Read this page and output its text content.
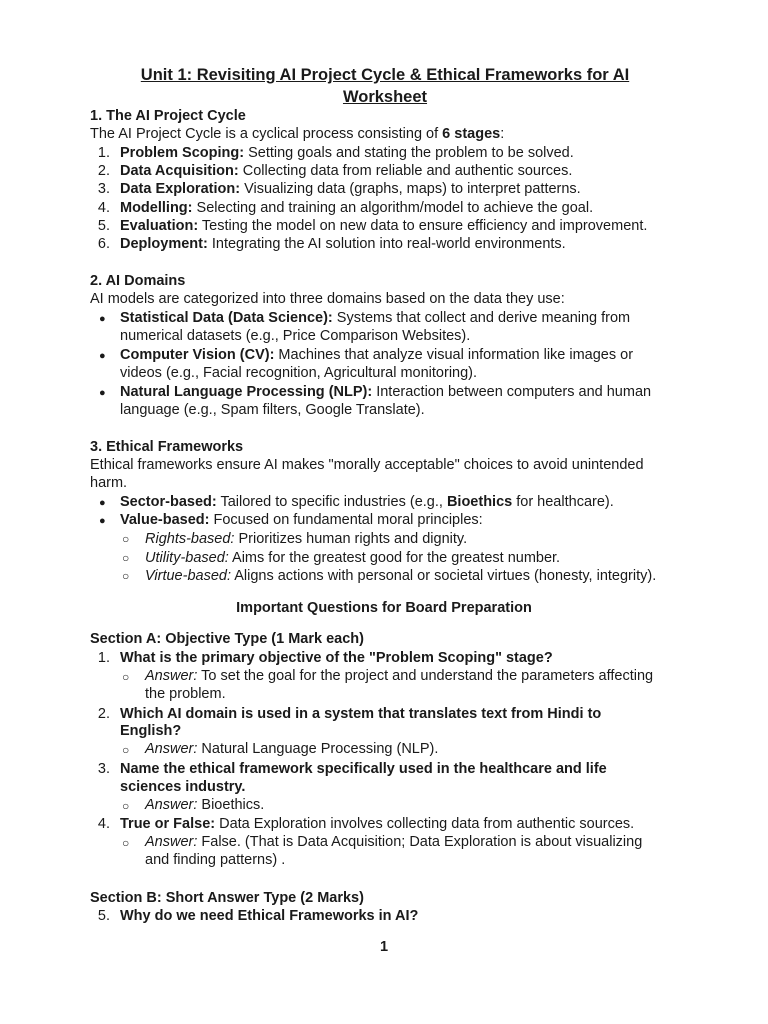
Unit 1: Revisiting AI Project Cycle & Ethical Frameworks for AI
Worksheet
1. The AI Project Cycle
The AI Project Cycle is a cyclical process consisting of 6 stages:
1. Problem Scoping: Setting goals and stating the problem to be solved.
2. Data Acquisition: Collecting data from reliable and authentic sources.
3. Data Exploration: Visualizing data (graphs, maps) to interpret patterns.
4. Modelling: Selecting and training an algorithm/model to achieve the goal.
5. Evaluation: Testing the model on new data to ensure efficiency and improvement.
6. Deployment: Integrating the AI solution into real-world environments.
2. AI Domains
AI models are categorized into three domains based on the data they use:
● Statistical Data (Data Science): Systems that collect and derive meaning from
numerical datasets (e.g., Price Comparison Websites).
● Computer Vision (CV): Machines that analyze visual information like images or
videos (e.g., Facial recognition, Agricultural monitoring).
● Natural Language Processing (NLP): Interaction between computers and human
language (e.g., Spam filters, Google Translate).
3. Ethical Frameworks
Ethical frameworks ensure AI makes "morally acceptable" choices to avoid unintended
harm.
● Sector-based: Tailored to specific industries (e.g., Bioethics for healthcare).
● Value-based: Focused on fundamental moral principles:
○ Rights-based: Prioritizes human rights and dignity.
○ Utility-based: Aims for the greatest good for the greatest number.
○ Virtue-based: Aligns actions with personal or societal virtues (honesty, integrity).
Important Questions for Board Preparation
Section A: Objective Type (1 Mark each)
1. What is the primary objective of the "Problem Scoping" stage?
○ Answer: To set the goal for the project and understand the parameters affecting
the problem.
2. Which AI domain is used in a system that translates text from Hindi to
English?
○ Answer: Natural Language Processing (NLP).
3. Name the ethical framework specifically used in the healthcare and life
sciences industry.
○ Answer: Bioethics.
4. True or False: Data Exploration involves collecting data from authentic sources.
○ Answer: False. (That is Data Acquisition; Data Exploration is about visualizing
and finding patterns) .
Section B: Short Answer Type (2 Marks)
5. Why do we need Ethical Frameworks in AI?
1
